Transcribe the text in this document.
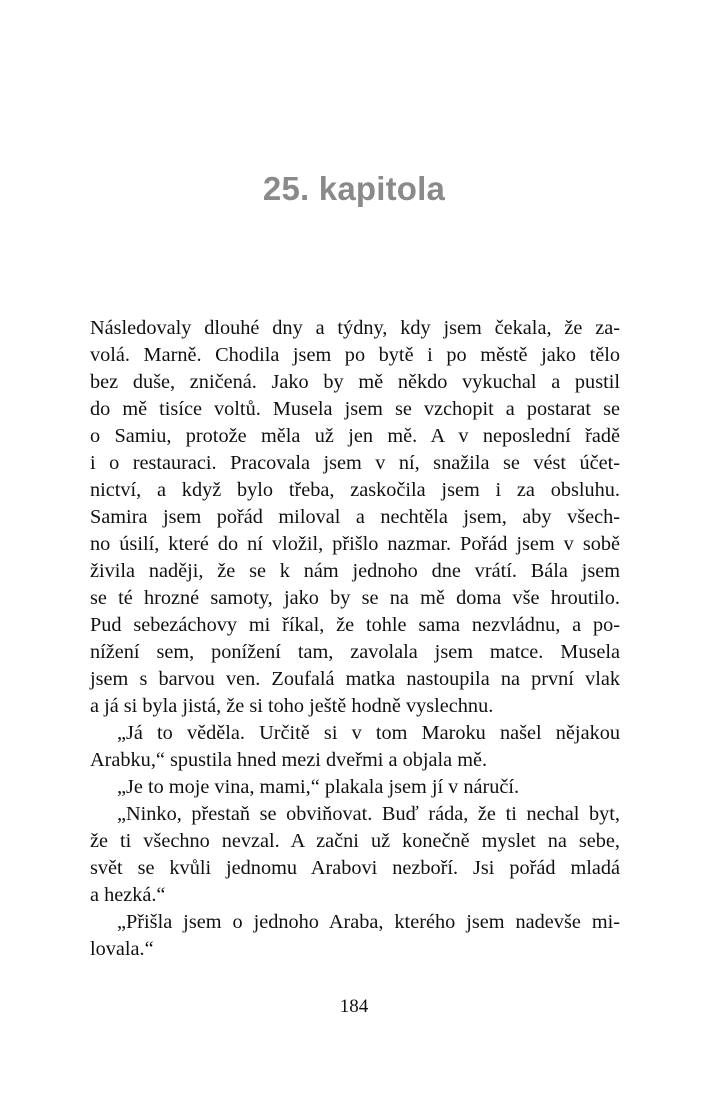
25. kapitola
Následovaly dlouhé dny a týdny, kdy jsem čekala, že za-
volá. Marně. Chodila jsem po bytě i po městě jako tělo
bez duše, zničená. Jako by mě někdo vykuchal a pustil
do mě tisíce voltů. Musela jsem se vzchopit a postarat se
o Samiu, protože měla už jen mě. A v neposlední řadě
i o restauraci. Pracovala jsem v ní, snažila se vést účet-
nictví, a když bylo třeba, zaskočila jsem i za obsluhu.
Samira jsem pořád miloval a nechtěla jsem, aby všech-
no úsilí, které do ní vložil, přišlo nazmar. Pořád jsem v sobě
živila naději, že se k nám jednoho dne vrátí. Bála jsem
se té hrozné samoty, jako by se na mě doma vše hroutilo.
Pud sebezáchovy mi říkal, že tohle sama nezvládnu, a po-
nížení sem, ponížení tam, zavolala jsem matce. Musela
jsem s barvou ven. Zoufalá matka nastoupila na první vlak
a já si byla jistá, že si toho ještě hodně vyslechnu.
„Já to věděla. Určitě si v tom Maroku našel nějakou
Arabku,“ spustila hned mezi dveřmi a objala mě.
„Je to moje vina, mami,“ plakala jsem jí v náručí.
„Ninko, přestaň se obviňovat. Buď ráda, že ti nechal byt,
že ti všechno nevzal. A začni už konečně myslet na sebe,
svět se kvůli jednomu Arabovi nezboří. Jsi pořád mladá
a hezká.“
„Přišla jsem o jednoho Araba, kterého jsem nadevše mi-
lovala.“
184
